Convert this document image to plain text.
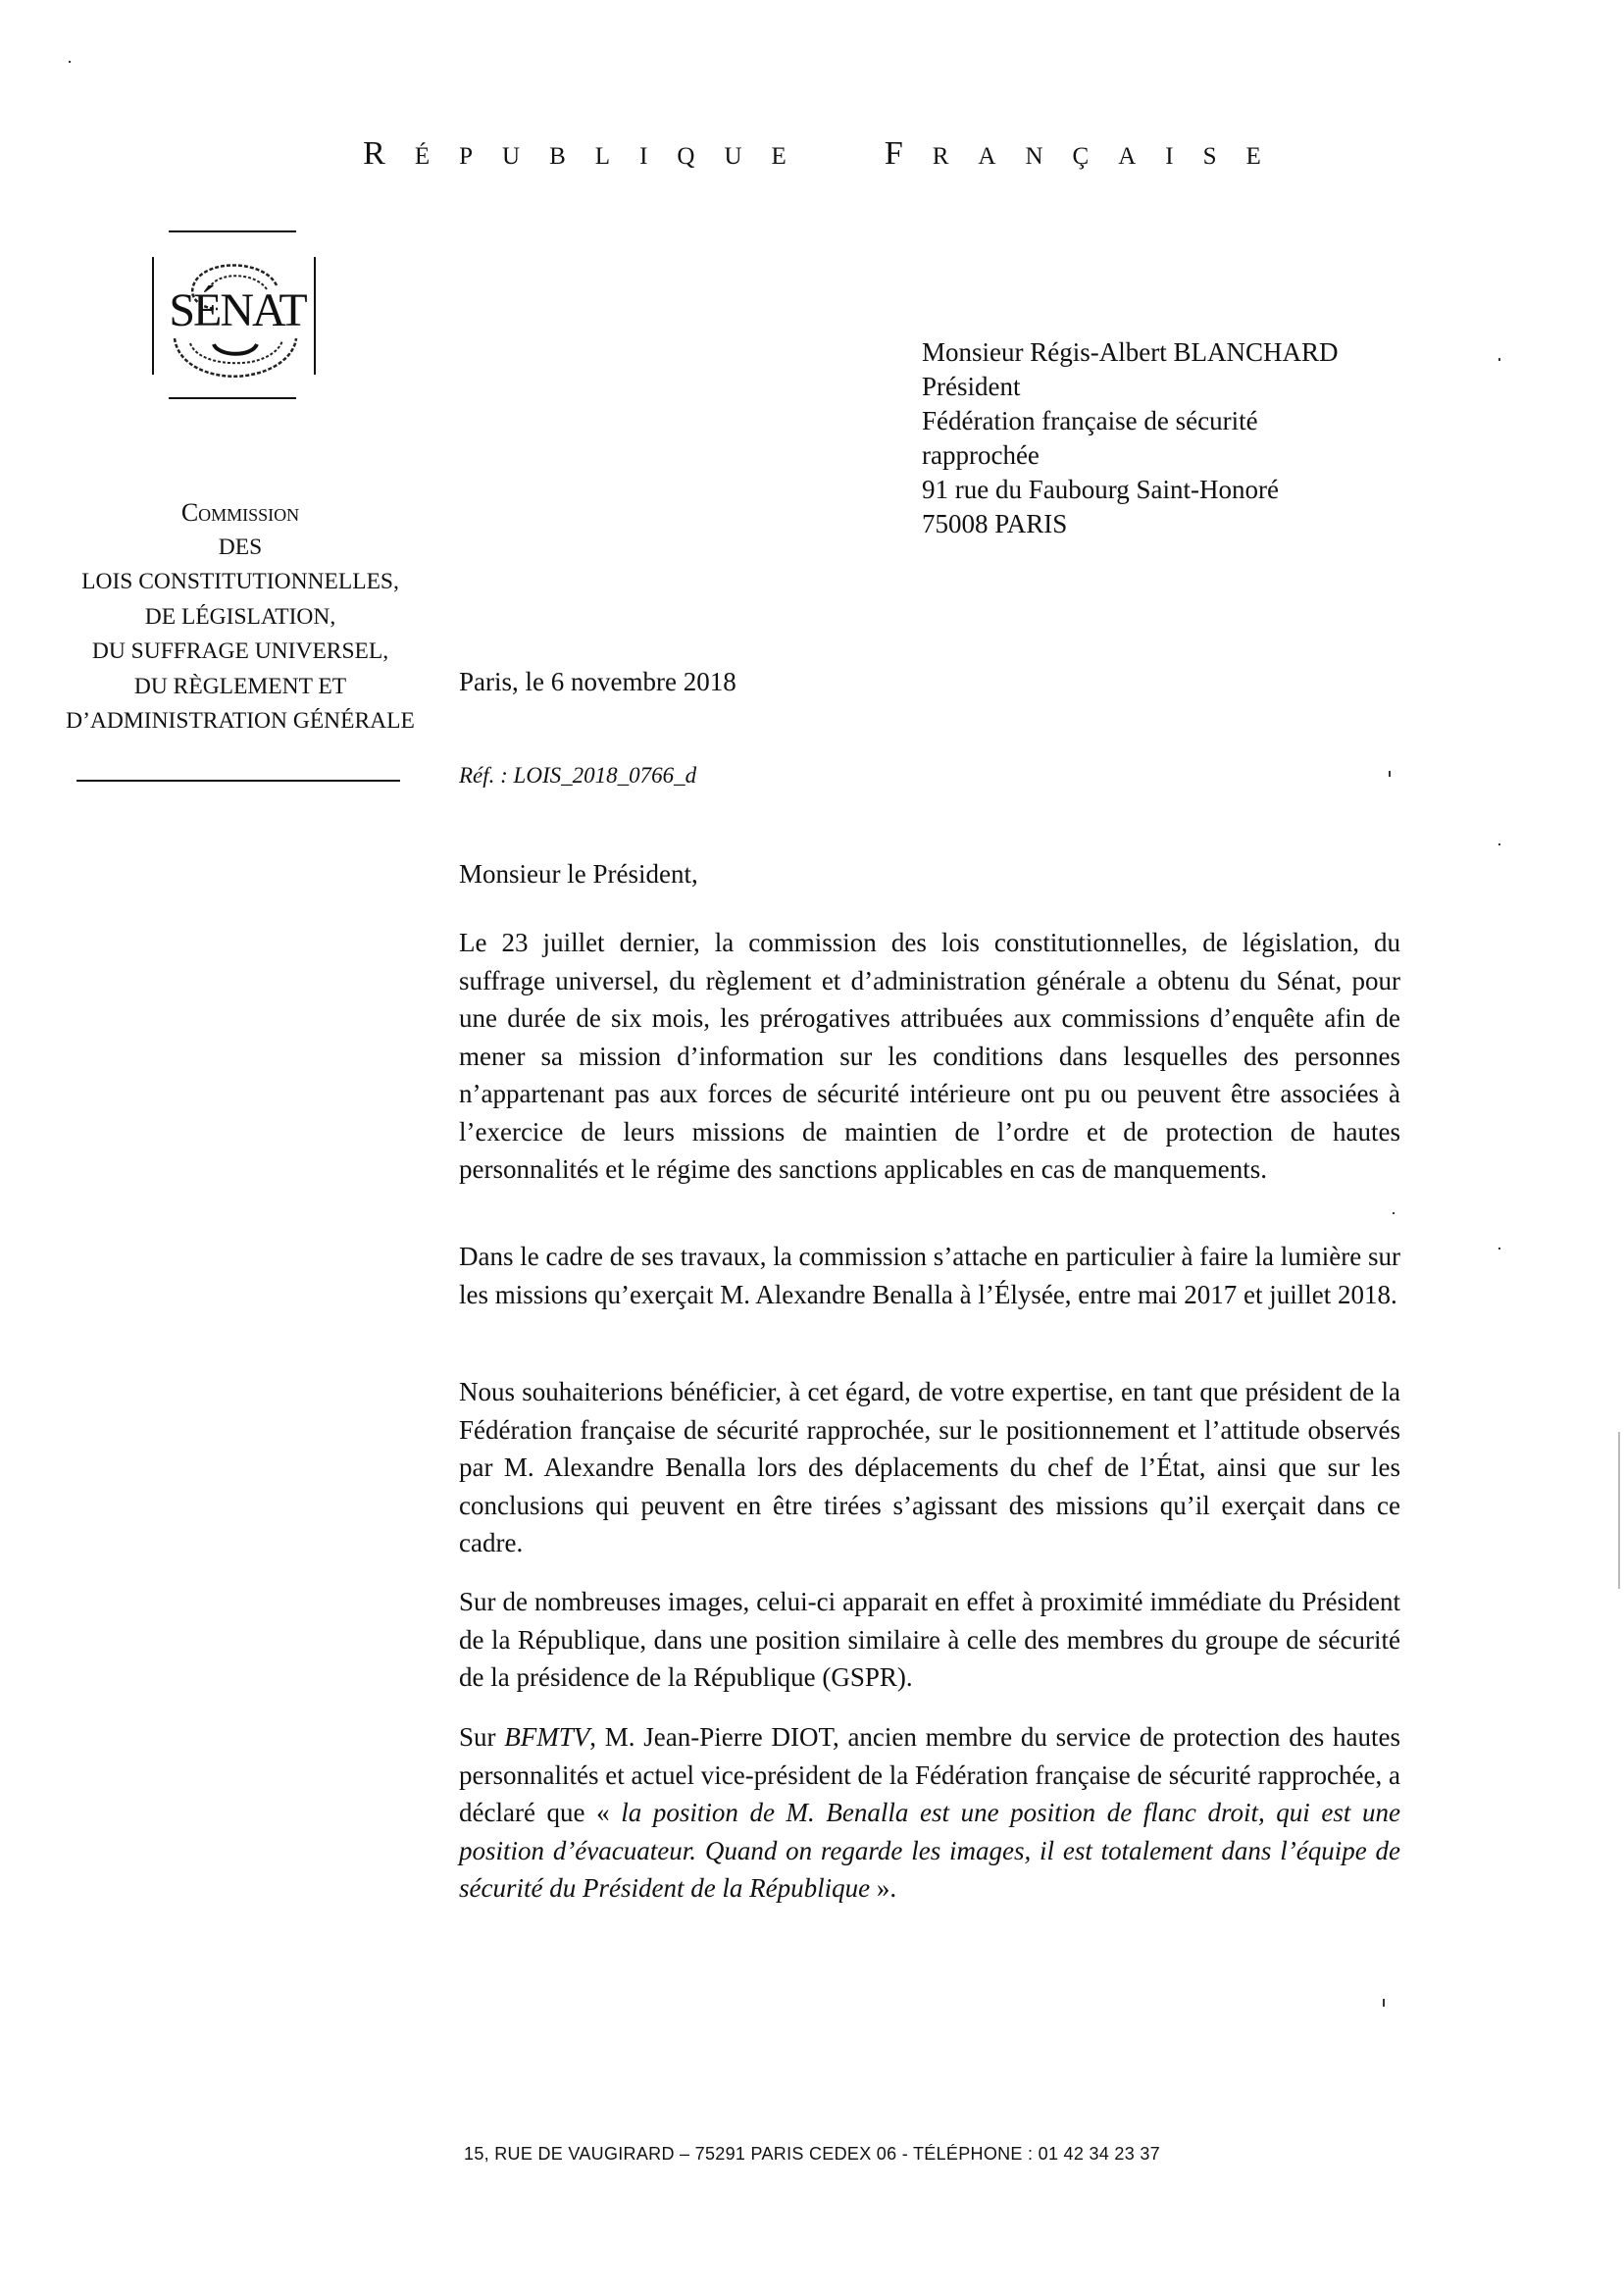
R É P U B L I Q U E	F R A N Ç A I S E
SÉNAT
Commission
DES
LOIS CONSTITUTIONNELLES,
DE LÉGISLATION,
DU SUFFRAGE UNIVERSEL,
DU RÈGLEMENT ET
D’ADMINISTRATION GÉNÉRALE
Monsieur Régis-Albert BLANCHARD
Président
Fédération française de sécurité
rapprochée
91 rue du Faubourg Saint-Honoré
75008 PARIS
Paris, le 6 novembre 2018
Réf. : LOIS_2018_0766_d
Monsieur le Président,

Le 23 juillet dernier, la commission des lois constitutionnelles, de législation, du suffrage universel, du règlement et d’administration générale a obtenu du Sénat, pour une durée de six mois, les prérogatives attribuées aux commissions d’enquête afin de mener sa mission d’information sur les conditions dans lesquelles des personnes n’appartenant pas aux forces de sécurité intérieure ont pu ou peuvent être associées à l’exercice de leurs missions de maintien de l’ordre et de protection de hautes personnalités et le régime des sanctions applicables en cas de manquements.

Dans le cadre de ses travaux, la commission s’attache en particulier à faire la lumière sur les missions qu’exerçait M. Alexandre Benalla à l’Élysée, entre mai 2017 et juillet 2018.

Nous souhaiterions bénéficier, à cet égard, de votre expertise, en tant que président de la Fédération française de sécurité rapprochée, sur le positionnement et l’attitude observés par M. Alexandre Benalla lors des déplacements du chef de l’État, ainsi que sur les conclusions qui peuvent en être tirées s’agissant des missions qu’il exerçait dans ce cadre.

Sur de nombreuses images, celui-ci apparait en effet à proximité immédiate du Président de la République, dans une position similaire à celle des membres du groupe de sécurité de la présidence de la République (GSPR).

Sur BFMTV, M. Jean-Pierre DIOT, ancien membre du service de protection des hautes personnalités et actuel vice-président de la Fédération française de sécurité rapprochée, a déclaré que « la position de M. Benalla est une position de flanc droit, qui est une position d’évacuateur. Quand on regarde les images, il est totalement dans l’équipe de sécurité du Président de la République ».

15, RUE DE VAUGIRARD – 75291 PARIS CEDEX 06 - TÉLÉPHONE : 01 42 34 23 37
